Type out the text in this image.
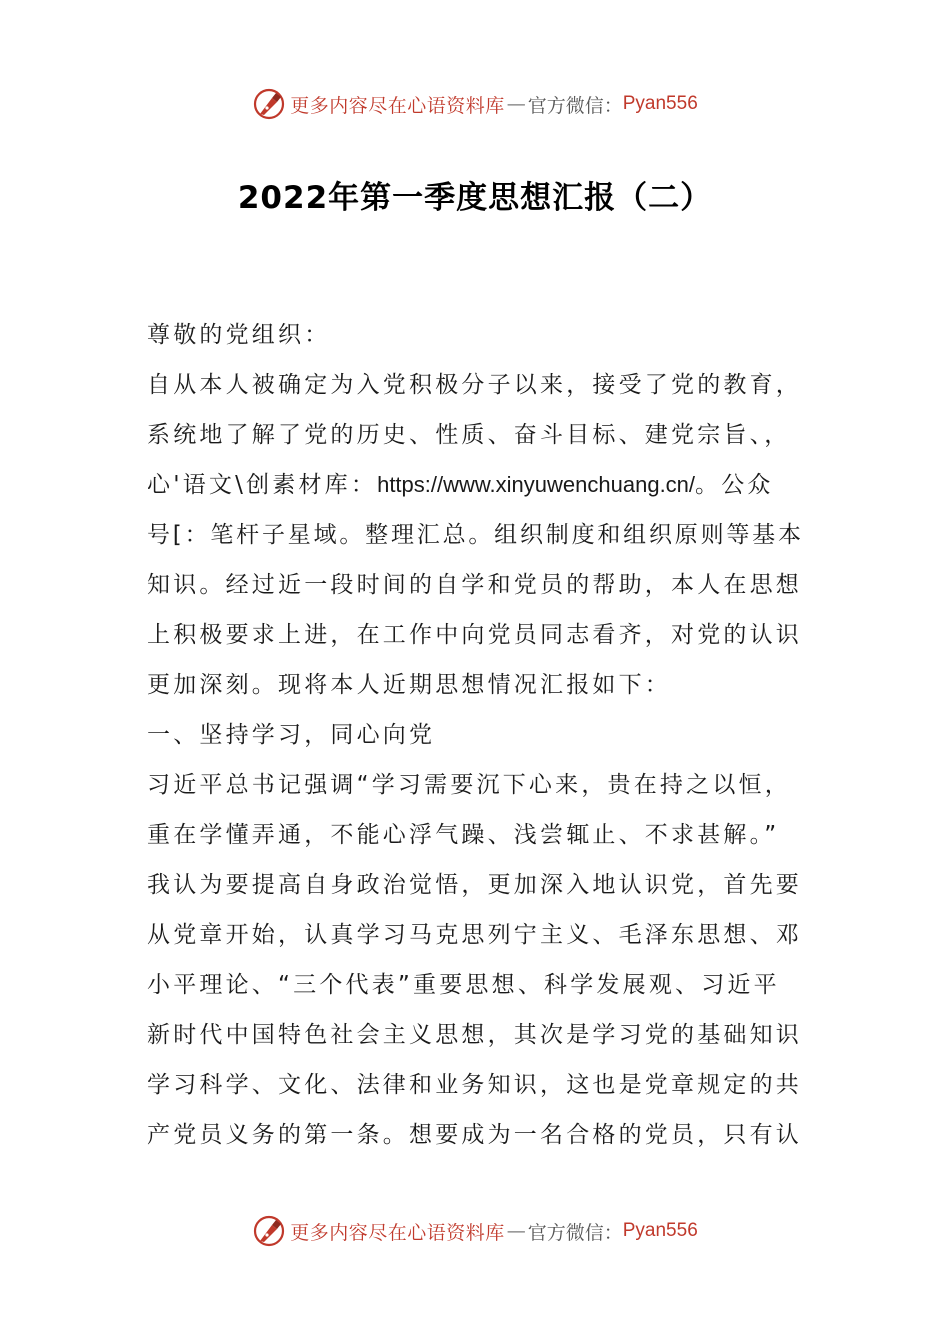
更多内容尽在心语资料库 — 官方微信： Pyan556
2022年第一季度思想汇报（二）
尊敬的党组织：
自从本人被确定为入党积极分子以来，接受了党的教育，
系统地了解了党的历史、性质、奋斗目标、建党宗旨、，
心'语文\创素材库：https://www.xinyuwenchuang.cn/。公众
号[：笔杆子星域。整理汇总。组织制度和组织原则等基本
知识。经过近一段时间的自学和党员的帮助，本人在思想
上积极要求上进，在工作中向党员同志看齐，对党的认识
更加深刻。现将本人近期思想情况汇报如下：
一、坚持学习，同心向党
习近平总书记强调“学习需要沉下心来，贵在持之以恒，
重在学懂弄通，不能心浮气躁、浅尝辄止、不求甚解。”
我认为要提高自身政治觉悟，更加深入地认识党，首先要
从党章开始，认真学习马克思列宁主义、毛泽东思想、邓
小平理论、“三个代表”重要思想、科学发展观、习近平
新时代中国特色社会主义思想，其次是学习党的基础知识
学习科学、文化、法律和业务知识，这也是党章规定的共
产党员义务的第一条。想要成为一名合格的党员，只有认
更多内容尽在心语资料库 — 官方微信： Pyan556
